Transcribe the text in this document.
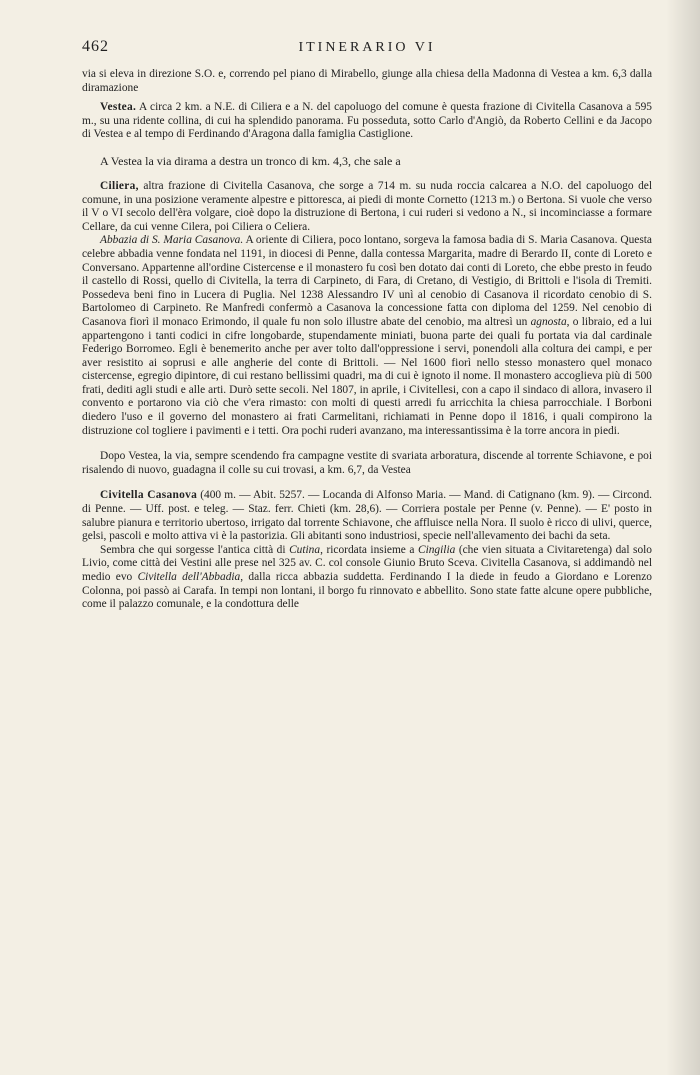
462	ITINERARIO VI

via si eleva in direzione S.O. e, correndo pel piano di Mirabello, giunge alla chiesa della Madonna di Vestea a km. 6,3 dalla diramazione

Vestea. A circa 2 km. a N.E. di Ciliera e a N. del capoluogo del comune è questa frazione di Civitella Casanova a 595 m., su una ridente collina, di cui ha splendido panorama. Fu posseduta, sotto Carlo d'Angiò, da Roberto Cellini e da Jacopo di Vestea e al tempo di Ferdinando d'Aragona dalla famiglia Castiglione.

A Vestea la via dirama a destra un tronco di km. 4,3, che sale a

Ciliera, altra frazione di Civitella Casanova, che sorge a 714 m. su nuda roccia calcarea a N.O. del capoluogo del comune, in una posizione veramente alpestre e pittoresca, ai piedi di monte Cornetto (1213 m.) o Bertona. Si vuole che verso il V o VI secolo dell'èra volgare, cioè dopo la distruzione di Bertona, i cui ruderi si vedono a N., si incominciasse a formare Cellare, da cui venne Cilera, poi Ciliera o Celiera.

Abbazia di S. Maria Casanova. A oriente di Ciliera, poco lontano, sorgeva la famosa badia di S. Maria Casanova. Questa celebre abbadia venne fondata nel 1191, in diocesi di Penne, dalla contessa Margarita, madre di Berardo II, conte di Loreto e Conversano. Appartenne all'ordine Cistercense e il monastero fu così ben dotato dai conti di Loreto, che ebbe presto in feudo il castello di Rossi, quello di Civitella, la terra di Carpineto, di Fara, di Cretano, di Vestigio, di Brittoli e l'isola di Tremiti. Possedeva beni fino in Lucera di Puglia. Nel 1238 Alessandro IV unì al cenobio di Casanova il ricordato cenobio di S. Bartolomeo di Carpineto. Re Manfredi confermò a Casanova la concessione fatta con diploma del 1259. Nel cenobio di Casanova fiorì il monaco Erimondo, il quale fu non solo illustre abate del cenobio, ma altresì un agnosta, o libraio, ed a lui appartengono i tanti codici in cifre longobarde, stupendamente miniati, buona parte dei quali fu portata via dal cardinale Federigo Borromeo. Egli è benemerito anche per aver tolto dall'oppressione i servi, ponendoli alla coltura dei campi, e per aver resistito ai soprusi e alle angherie del conte di Brittoli. — Nel 1600 fiorì nello stesso monastero quel monaco cistercense, egregio dipintore, di cui restano bellissimi quadri, ma di cui è ignoto il nome. Il monastero accoglieva più di 500 frati, dediti agli studi e alle arti. Durò sette secoli. Nel 1807, in aprile, i Civitellesi, con a capo il sindaco di allora, invasero il convento e portarono via ciò che v'era rimasto: con molti di questi arredi fu arricchita la chiesa parrocchiale. I Borboni diedero l'uso e il governo del monastero ai frati Carmelitani, richiamati in Penne dopo il 1816, i quali compirono la distruzione col togliere i pavimenti e i tetti. Ora pochi ruderi avanzano, ma interessantissima è la torre ancora in piedi.

Dopo Vestea, la via, sempre scendendo fra campagne vestite di svariata arboratura, discende al torrente Schiavone, e poi risalendo di nuovo, guadagna il colle su cui trovasi, a km. 6,7, da Vestea

Civitella Casanova (400 m. — Abit. 5257. — Locanda di Alfonso Maria. — Mand. di Catignano (km. 9). — Circond. di Penne. — Uff. post. e teleg. — Staz. ferr. Chieti (km. 28,6). — Corriera postale per Penne (v. Penne). — E' posto in salubre pianura e territorio ubertoso, irrigato dal torrente Schiavone, che affluisce nella Nora. Il suolo è ricco di ulivi, querce, gelsi, pascoli e molto attiva vi è la pastorizia. Gli abitanti sono industriosi, specie nell'allevamento dei bachi da seta.

Sembra che qui sorgesse l'antica città di Cutina, ricordata insieme a Cingilia (che vien situata a Civitaretenga) dal solo Livio, come città dei Vestini alle prese nel 325 av. C. col console Giunio Bruto Sceva. Civitella Casanova, si addimandò nel medio evo Civitella dell'Abbadia, dalla ricca abbazia suddetta. Ferdinando I la diede in feudo a Giordano e Lorenzo Colonna, poi passò ai Carafa. In tempi non lontani, il borgo fu rinnovato e abbellito. Sono state fatte alcune opere pubbliche, come il palazzo comunale, e la condottura delle
